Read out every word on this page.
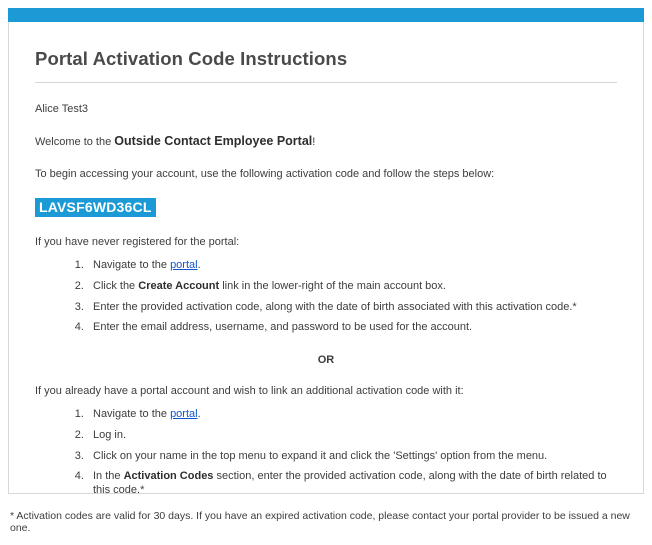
Portal Activation Code Instructions
Alice Test3
Welcome to the Outside Contact Employee Portal!
To begin accessing your account, use the following activation code and follow the steps below:
LAVSF6WD36CL
If you have never registered for the portal:
1. Navigate to the portal.
2. Click the Create Account link in the lower-right of the main account box.
3. Enter the provided activation code, along with the date of birth associated with this activation code.*
4. Enter the email address, username, and password to be used for the account.
OR
If you already have a portal account and wish to link an additional activation code with it:
1. Navigate to the portal.
2. Log in.
3. Click on your name in the top menu to expand it and click the 'Settings' option from the menu.
4. In the Activation Codes section, enter the provided activation code, along with the date of birth related to this code.*
* Activation codes are valid for 30 days. If you have an expired activation code, please contact your portal provider to be issued a new one.
